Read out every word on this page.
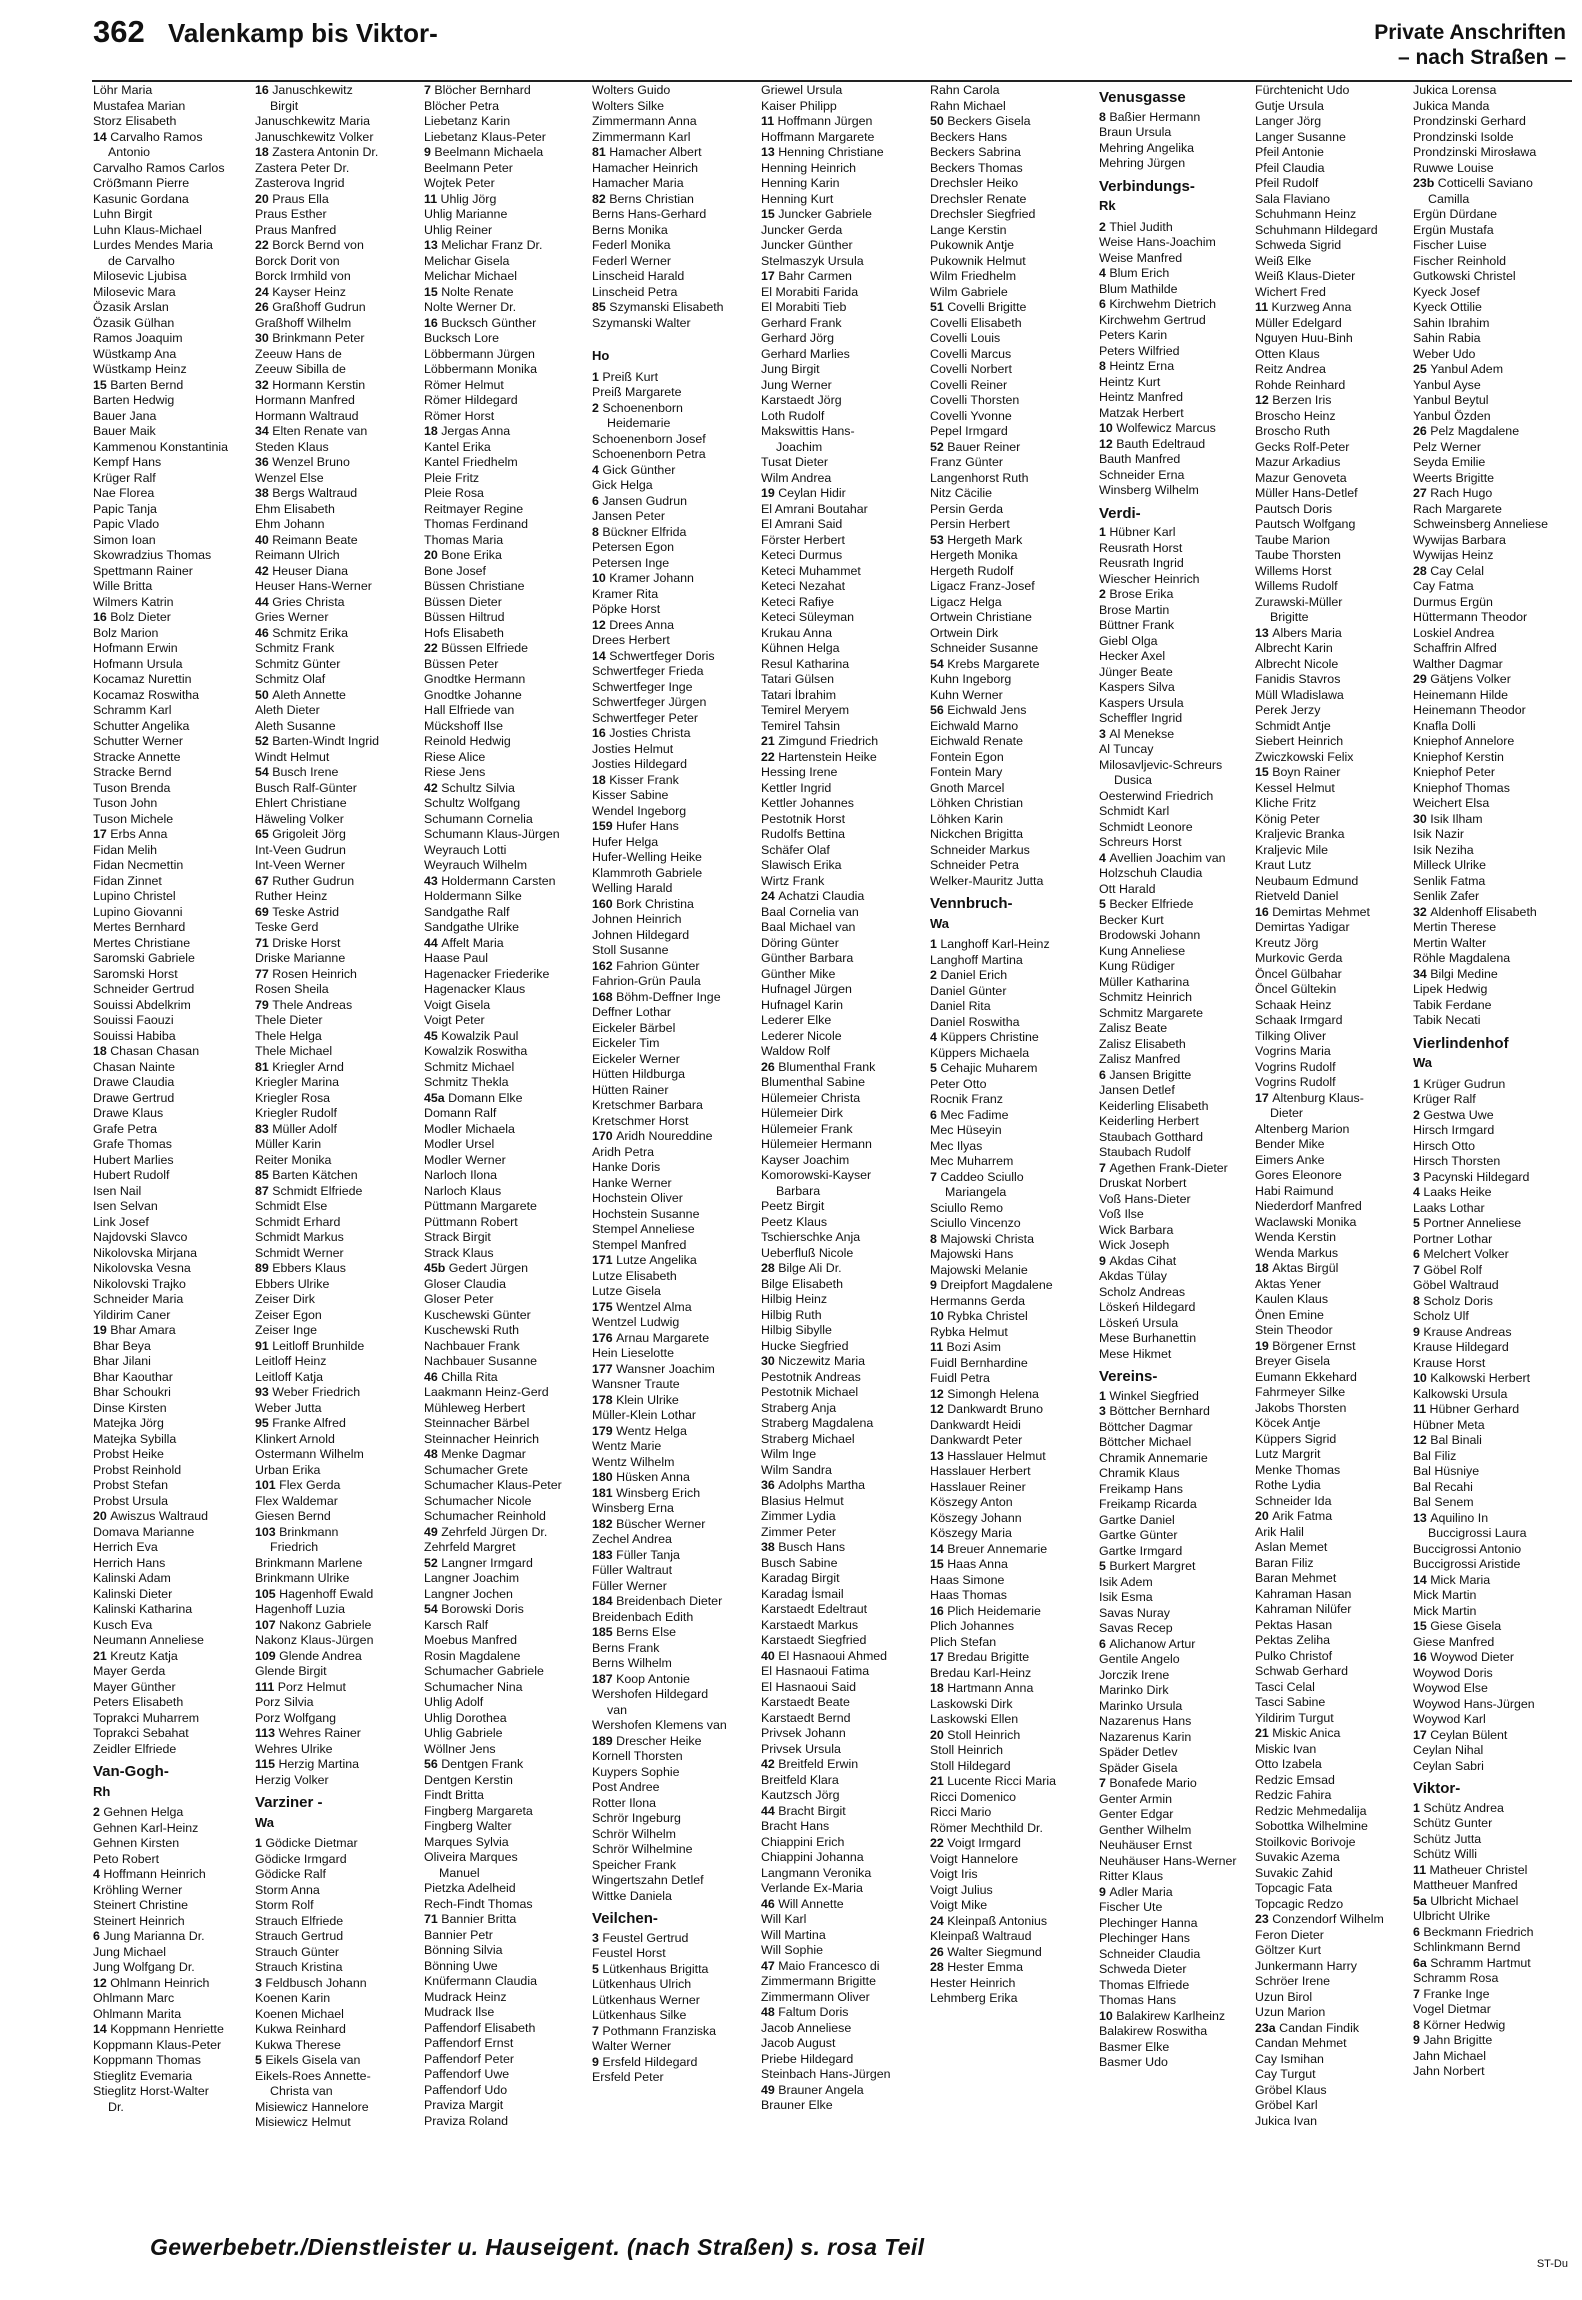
362 Valenkamp bis Viktor-	Private Anschriften
– nach Straßen –
Löhr Maria
Mustafea Marian
Storz Elisabeth
14 Carvalho Ramos
Antonio
Carvalho Ramos Carlos
Cröẞmann Pierre
Kasunic Gordana
Luhn Birgit
Luhn Klaus-Michael
Lurdes Mendes Maria
de Carvalho
Milosevic Ljubisa
Milosevic Mara
Özasik Arslan
Özasik Gülhan
Ramos Joaquim
Wüstkamp Ana
Wüstkamp Heinz
15 Barten Bernd
Barten Hedwig
Bauer Jana
Bauer Maik
Kammenou Konstantinia
Kempf Hans
Krüger Ralf
Nae Florea
Papic Tanja
Papic Vlado
Simon Ioan
Skowradzius Thomas
Spettmann Rainer
Wille Britta
Wilmers Katrin
16 Bolz Dieter
Bolz Marion
Hofmann Erwin
Hofmann Ursula
Kocamaz Nurettin
Kocamaz Roswitha
Schramm Karl
Schutter Angelika
Schutter Werner
Stracke Annette
Stracke Bernd
Tuson Brenda
Tuson John
Tuson Michele
17 Erbs Anna
Fidan Melih
Fidan Necmettin
Fidan Zinnet
Lupino Christel
Lupino Giovanni
Mertes Bernhard
Mertes Christiane
Saromski Gabriele
Saromski Horst
Schneider Gertrud
Souissi Abdelkrim
Souissi Faouzi
Souissi Habiba
18 Chasan Chasan
Chasan Nainte
Drawe Claudia
Drawe Gertrud
Drawe Klaus
Grafe Petra
Grafe Thomas
Hubert Marlies
Hubert Rudolf
Isen Nail
Isen Selvan
Link Josef
Najdovski Slavco
Nikolovska Mirjana
Nikolovska Vesna
Nikolovski Trajko
Schneider Maria
Yildirim Caner
19 Bhar Amara
Bhar Beya
Bhar Jilani
Bhar Kaouthar
Bhar Schoukri
Dinse Kirsten
Matejka Jörg
Matejka Sybilla
Probst Heike
Probst Reinhold
Probst Stefan
Probst Ursula
20 Awiszus Waltraud
Domava Marianne
Herrich Eva
Herrich Hans
Kalinski Adam
Kalinski Dieter
Kalinski Katharina
Kusch Eva
Neumann Anneliese
21 Kreutz Katja
Mayer Gerda
Mayer Günther
Peters Elisabeth
Toprakci Muharrem
Toprakci Sebahat
Zeidler Elfriede
Van-Gogh-
Rh
2 Gehnen Helga
Gehnen Karl-Heinz
Gehnen Kirsten
Peto Robert
4 Hoffmann Heinrich
Kröhling Werner
Steinert Christine
Steinert Heinrich
6 Jung Marianna Dr.
Jung Michael
Jung Wolfgang Dr.
12 Ohlmann Heinrich
Ohlmann Marc
Ohlmann Marita
14 Koppmann Henriette
Koppmann Klaus-Peter
Koppmann Thomas
Stieglitz Evemaria
Stieglitz Horst-Walter
Dr.
16 Januschkewitz
Birgit
Januschkewitz Maria
Januschkewitz Volker
18 Zastera Antonin Dr.
Zastera Peter Dr.
Zasterova Ingrid
20 Praus Ella
Praus Esther
Praus Manfred
22 Borck Bernd von
Borck Dorit von
Borck Irmhild von
24 Kayser Heinz
26 Graßhoff Gudrun
Graßhoff Wilhelm
30 Brinkmann Peter
Zeeuw Hans de
Zeeuw Sibilla de
32 Hormann Kerstin
Hormann Manfred
Hormann Waltraud
34 Elten Renate van
Steden Klaus
36 Wenzel Bruno
Wenzel Else
38 Bergs Waltraud
Ehm Elisabeth
Ehm Johann
40 Reimann Beate
Reimann Ulrich
42 Heuser Diana
Heuser Hans-Werner
44 Gries Christa
Gries Werner
46 Schmitz Erika
Schmitz Frank
Schmitz Günter
Schmitz Olaf
50 Aleth Annette
Aleth Dieter
Aleth Susanne
52 Barten-Windt Ingrid
Windt Helmut
54 Busch Irene
Busch Ralf-Günter
Ehlert Christiane
Häweling Volker
65 Grigoleit Jörg
Int-Veen Gudrun
Int-Veen Werner
67 Ruther Gudrun
Ruther Heinz
69 Teske Astrid
Teske Gerd
71 Driske Horst
Driske Marianne
77 Rosen Heinrich
Rosen Sheila
79 Thele Andreas
Thele Dieter
Thele Helga
Thele Michael
81 Kriegler Arnd
Kriegler Marina
Kriegler Rosa
Kriegler Rudolf
83 Müller Adolf
Müller Karin
Reiter Monika
85 Barten Kätchen
87 Schmidt Elfriede
Schmidt Else
Schmidt Erhard
Schmidt Markus
Schmidt Werner
89 Ebbers Klaus
Ebbers Ulrike
Zeiser Dirk
Zeiser Egon
Zeiser Inge
91 Leitloff Brunhilde
Leitloff Heinz
Leitloff Katja
93 Weber Friedrich
Weber Jutta
95 Franke Alfred
Klinkert Arnold
Ostermann Wilhelm
Urban Erika
101 Flex Gerda
Flex Waldemar
Giesen Bernd
103 Brinkmann
Friedrich
Brinkmann Marlene
Brinkmann Ulrike
105 Hagenhoff Ewald
Hagenhoff Luzia
107 Nakonz Gabriele
Nakonz Klaus-Jürgen
109 Glende Andrea
Glende Birgit
111 Porz Helmut
Porz Silvia
Porz Wolfgang
113 Wehres Rainer
Wehres Ulrike
115 Herzig Martina
Herzig Volker
Varziner -
Wa
1 Gödicke Dietmar
Gödicke Irmgard
Gödicke Ralf
Storm Anna
Storm Rolf
Strauch Elfriede
Strauch Gertrud
Strauch Günter
Strauch Kristina
3 Feldbusch Johann
Koenen Karin
Koenen Michael
Kukwa Reinhard
Kukwa Therese
5 Eikels Gisela van
Eikels-Roes Annette-
Christa van
Misiewicz Hannelore
Misiewicz Helmut
7 Blöcher Bernhard
Blöcher Petra
Liebetanz Karin
Liebetanz Klaus-Peter
9 Beelmann Michaela
Beelmann Peter
Wojtek Peter
11 Uhlig Jörg
Uhlig Marianne
Uhlig Reiner
13 Melichar Franz Dr.
Melichar Gisela
Melichar Michael
15 Nolte Renate
Nolte Werner Dr.
16 Bucksch Günther
Bucksch Lore
Löbbermann Jürgen
Löbbermann Monika
Römer Helmut
Römer Hildegard
Römer Horst
18 Jergas Anna
Kantel Erika
Kantel Friedhelm
Pleie Fritz
Pleie Rosa
Reitmayer Regine
Thomas Ferdinand
Thomas Maria
20 Bone Erika
Bone Josef
Büssen Christiane
Büssen Dieter
Büssen Hiltrud
Hofs Elisabeth
22 Büssen Elfriede
Büssen Peter
Gnodtke Hermann
Gnodtke Johanne
Hall Elfriede van
Mückshoff Ilse
Reinold Hedwig
Riese Alice
Riese Jens
42 Schultz Silvia
Schultz Wolfgang
Schumann Cornelia
Schumann Klaus-Jürgen
Weyrauch Lotti
Weyrauch Wilhelm
43 Holdermann Carsten
Holdermann Silke
Sandgathe Ralf
Sandgathe Ulrike
44 Affelt Maria
Haase Paul
Hagenacker Friederike
Hagenacker Klaus
Voigt Gisela
Voigt Peter
45 Kowalzik Paul
Kowalzik Roswitha
Schmitz Michael
Schmitz Thekla
45a Domann Elke
Domann Ralf
Modler Michaela
Modler Ursel
Modler Werner
Narloch Ilona
Narloch Klaus
Püttmann Margarete
Püttmann Robert
Strack Birgit
Strack Klaus
45b Gedert Jürgen
Gloser Claudia
Gloser Peter
Kuschewski Günter
Kuschewski Ruth
Nachbauer Frank
Nachbauer Susanne
46 Chilla Rita
Laakmann Heinz-Gerd
Mühleweg Herbert
Steinnacher Bärbel
Steinnacher Heinrich
48 Menke Dagmar
Schumacher Grete
Schumacher Klaus-Peter
Schumacher Nicole
Schumacher Reinhold
49 Zehrfeld Jürgen Dr.
Zehrfeld Margret
52 Langner Irmgard
Langner Joachim
Langner Jochen
54 Borowski Doris
Karsch Ralf
Moebus Manfred
Rosin Magdalene
Schumacher Gabriele
Schumacher Nina
Uhlig Adolf
Uhlig Dorothea
Uhlig Gabriele
Wöllner Jens
56 Dentgen Frank
Dentgen Kerstin
Findt Britta
Fingberg Margareta
Fingberg Walter
Marques Sylvia
Oliveira Marques
Manuel
Pietzka Adelheid
Rech-Findt Thomas
71 Bannier Britta
Bannier Petr
Bönning Silvia
Bönning Uwe
Knüfermann Claudia
Mudrack Heinz
Mudrack Ilse
Paffendorf Elisabeth
Paffendorf Ernst
Paffendorf Peter
Paffendorf Uwe
Paffendorf Udo
Praviza Margit
Praviza Roland
Wolters Guido
Wolters Silke
Zimmermann Anna
Zimmermann Karl
81 Hamacher Albert
Hamacher Heinrich
Hamacher Maria
82 Berns Christian
Berns Hans-Gerhard
Berns Monika
Federl Monika
Federl Werner
Linscheid Harald
Linscheid Petra
85 Szymanski Elisabeth
Szymanski Walter
Ho
1 Preiß Kurt
Preiß Margarete
2 Schoenenborn
Heidemarie
Schoenenborn Josef
Schoenenborn Petra
4 Gick Günther
Gick Helga
6 Jansen Gudrun
Jansen Peter
8 Bückner Elfrida
Petersen Egon
Petersen Inge
10 Kramer Johann
Kramer Rita
Pöpke Horst
12 Drees Anna
Drees Herbert
14 Schwertfeger Doris
Schwertfeger Frieda
Schwertfeger Inge
Schwertfeger Jürgen
Schwertfeger Peter
16 Josties Christa
Josties Helmut
Josties Hildegard
18 Kisser Frank
Kisser Sabine
Wendel Ingeborg
159 Hufer Hans
Hufer Helga
Hufer-Welling Heike
Klammroth Gabriele
Welling Harald
160 Bork Christina
Johnen Heinrich
Johnen Hildegard
Stoll Susanne
162 Fahrion Günter
Fahrion-Grün Paula
168 Böhm-Deffner Inge
Deffner Lothar
Eickeler Bärbel
Eickeler Tim
Eickeler Werner
Hütten Hildburga
Hütten Rainer
Kretschmer Barbara
Kretschmer Horst
170 Aridh Noureddine
Aridh Petra
Hanke Doris
Hanke Werner
Hochstein Oliver
Hochstein Susanne
Stempel Anneliese
Stempel Manfred
171 Lutze Angelika
Lutze Elisabeth
Lutze Gisela
175 Wentzel Alma
Wentzel Ludwig
176 Arnau Margarete
Hein Lieselotte
177 Wansner Joachim
Wansner Traute
178 Klein Ulrike
Müller-Klein Lothar
179 Wentz Helga
Wentz Marie
Wentz Wilhelm
180 Hüsken Anna
181 Winsberg Erich
Winsberg Erna
182 Büscher Werner
Zechel Andrea
183 Füller Tanja
Füller Waltraut
Füller Werner
184 Breidenbach Dieter
Breidenbach Edith
185 Berns Else
Berns Frank
Berns Wilhelm
187 Koop Antonie
Wershofen Hildegard
van
Wershofen Klemens van
189 Drescher Heike
Kornell Thorsten
Kuypers Sophie
Post Andree
Rotter Ilona
Schrör Ingeburg
Schrör Wilhelm
Schrör Wilhelmine
Speicher Frank
Wingertszahn Detlef
Wittke Daniela
Veilchen-
3 Feustel Gertrud
Feustel Horst
5 Lütkenhaus Brigitta
Lütkenhaus Ulrich
Lütkenhaus Werner
Lütkenhaus Silke
7 Pothmann Franziska
Walter Werner
9 Ersfeld Hildegard
Ersfeld Peter
Griewel Ursula
Kaiser Philipp
11 Hoffmann Jürgen
Hoffmann Margarete
13 Henning Christiane
Henning Heinrich
Henning Karin
Henning Kurt
15 Juncker Gabriele
Juncker Gerda
Juncker Günther
Stelmaszyk Ursula
17 Bahr Carmen
El Morabiti Farida
El Morabiti Tieb
Gerhard Frank
Gerhard Jörg
Gerhard Marlies
Jung Birgit
Jung Werner
Karstaedt Jörg
Loth Rudolf
Makswittis Hans-
Joachim
Tusat Dieter
Wilm Andrea
19 Ceylan Hidir
El Amrani Boutahar
El Amrani Said
Förster Herbert
Keteci Durmus
Keteci Muhammet
Keteci Nezahat
Keteci Rafiye
Keteci Süleyman
Krukau Anna
Kühnen Helga
Resul Katharina
Tatari Gülsen
Tatari İbrahim
Temirel Meryem
Temirel Tahsin
21 Zimgund Friedrich
22 Hartenstein Heike
Hessing Irene
Kettler Ingrid
Kettler Johannes
Pestotnik Horst
Rudolfs Bettina
Schäfer Olaf
Slawisch Erika
Wirtz Frank
24 Achatzi Claudia
Baal Cornelia van
Baal Michael van
Döring Günter
Günther Barbara
Günther Mike
Hufnagel Jürgen
Hufnagel Karin
Lederer Elke
Lederer Nicole
Waldow Rolf
26 Blumenthal Frank
Blumenthal Sabine
Hülemeier Christa
Hülemeier Dirk
Hülemeier Frank
Hülemeier Hermann
Kayser Joachim
Komorowski-Kayser
Barbara
Peetz Birgit
Peetz Klaus
Tschierschke Anja
Ueberfluß Nicole
28 Bilge Ali Dr.
Bilge Elisabeth
Hilbig Heinz
Hilbig Ruth
Hilbig Sibylle
Hucke Siegfried
30 Niczewitz Maria
Pestotnik Andreas
Pestotnik Michael
Straberg Anja
Straberg Magdalena
Straberg Michael
Wilm Inge
Wilm Sandra
36 Adolphs Martha
Blasius Helmut
Zimmer Lydia
Zimmer Peter
38 Busch Hans
Busch Sabine
Karadag Birgit
Karadag İsmail
Karstaedt Edeltraut
Karstaedt Markus
Karstaedt Siegfried
40 El Hasnaoui Ahmed
El Hasnaoui Fatima
El Hasnaoui Said
Karstaedt Beate
Karstaedt Bernd
Privsek Johann
Privsek Ursula
42 Breitfeld Erwin
Breitfeld Klara
Kautzsch Jörg
44 Bracht Birgit
Bracht Hans
Chiappini Erich
Chiappini Johanna
Langmann Veronika
Verlande Ex-Maria
46 Will Annette
Will Karl
Will Martina
Will Sophie
47 Maio Francesco di
Zimmermann Brigitte
Zimmermann Oliver
48 Faltum Doris
Jacob Anneliese
Jacob August
Priebe Hildegard
Steinbach Hans-Jürgen
49 Brauner Angela
Brauner Elke
Rahn Carola
Rahn Michael
50 Beckers Gisela
Beckers Hans
Beckers Sabrina
Beckers Thomas
Drechsler Heiko
Drechsler Renate
Drechsler Siegfried
Lange Kerstin
Pukownik Antje
Pukownik Helmut
Wilm Friedhelm
Wilm Gabriele
51 Covelli Brigitte
Covelli Elisabeth
Covelli Louis
Covelli Marcus
Covelli Norbert
Covelli Reiner
Covelli Thorsten
Covelli Yvonne
Pepel Irmgard
52 Bauer Reiner
Franz Günter
Langenhorst Ruth
Nitz Cäcilie
Persin Gerda
Persin Herbert
53 Hergeth Mark
Hergeth Monika
Hergeth Rudolf
Ligacz Franz-Josef
Ligacz Helga
Ortwein Christiane
Ortwein Dirk
Schneider Susanne
54 Krebs Margarete
Kuhn Ingeborg
Kuhn Werner
56 Eichwald Jens
Eichwald Marno
Eichwald Renate
Fontein Egon
Fontein Mary
Gnoth Marcel
Löhken Christian
Löhken Karin
Nickchen Brigitta
Schneider Markus
Schneider Petra
Welker-Mauritz Jutta
Vennbruch-
Wa
1 Langhoff Karl-Heinz
Langhoff Martina
2 Daniel Erich
Daniel Günter
Daniel Rita
Daniel Roswitha
4 Küppers Christine
Küppers Michaela
5 Cehajic Muharem
Peter Otto
Rocnik Franz
6 Mec Fadime
Mec Hüseyin
Mec Ilyas
Mec Muharrem
7 Caddeo Sciullo
Mariangela
Sciullo Remo
Sciullo Vincenzo
8 Majowski Christa
Majowski Hans
Majowski Melanie
9 Dreipfort Magdalene
Hermanns Gerda
10 Rybka Christel
Rybka Helmut
11 Bozi Asim
Fuidl Bernhardine
Fuidl Petra
12 Simongh Helena
12 Dankwardt Bruno
Dankwardt Heidi
Dankwardt Peter
13 Hasslauer Helmut
Hasslauer Herbert
Hasslauer Reiner
Köszegy Anton
Köszegy Johann
Köszegy Maria
14 Breuer Annemarie
15 Haas Anna
Haas Simone
Haas Thomas
16 Plich Heidemarie
Plich Johannes
Plich Stefan
17 Bredau Brigitte
Bredau Karl-Heinz
18 Hartmann Anna
Laskowski Dirk
Laskowski Ellen
20 Stoll Heinrich
Stoll Heinrich
Stoll Hildegard
21 Lucente Ricci Maria
Ricci Domenico
Ricci Mario
Römer Mechthild Dr.
22 Voigt Irmgard
Voigt Hannelore
Voigt Iris
Voigt Julius
Voigt Mike
24 Kleinpaß Antonius
Kleinpaß Waltraud
26 Walter Siegmund
28 Hester Emma
Hester Heinrich
Lehmberg Erika
Venusgasse
8 Baßier Hermann
Braun Ursula
Mehring Angelika
Mehring Jürgen
Verbindungs-
Rk
2 Thiel Judith
Weise Hans-Joachim
Weise Manfred
4 Blum Erich
Blum Mathilde
6 Kirchwehm Dietrich
Kirchwehm Gertrud
Peters Karin
Peters Wilfried
8 Heintz Erna
Heintz Kurt
Heintz Manfred
Matzak Herbert
10 Wolfewicz Marcus
12 Bauth Edeltraud
Bauth Manfred
Schneider Erna
Winsberg Wilhelm
Verdi-
1 Hübner Karl
Reusrath Horst
Reusrath Ingrid
Wiescher Heinrich
2 Brose Erika
Brose Martin
Büttner Frank
Giebl Olga
Hecker Axel
Jünger Beate
Kaspers Silva
Kaspers Ursula
Scheffler Ingrid
3 Al Menekse
Al Tuncay
Milosavljevic-Schreurs
Dusica
Oesterwind Friedrich
Schmidt Karl
Schmidt Leonore
Schreurs Horst
4 Avellien Joachim van
Holzschuh Claudia
Ott Harald
5 Becker Elfriede
Becker Kurt
Brodowski Johann
Kung Anneliese
Kung Rüdiger
Müller Katharina
Schmitz Heinrich
Schmitz Margarete
Zalisz Beate
Zalisz Elisabeth
Zalisz Manfred
6 Jansen Brigitte
Jansen Detlef
Keiderling Elisabeth
Keiderling Herbert
Staubach Gotthard
Staubach Rudolf
7 Agethen Frank-Dieter
Druskat Norbert
Voß Hans-Dieter
Voß Ilse
Wick Barbara
Wick Joseph
9 Akdas Cihat
Akdas Tülay
Scholz Andreas
Löskeń Hildegard
Löskeń Ursula
Mese Burhanettin
Mese Hikmet
Vereins-
1 Winkel Siegfried
3 Böttcher Bernhard
Böttcher Dagmar
Böttcher Michael
Chramik Annemarie
Chramik Klaus
Freikamp Hans
Freikamp Ricarda
Gartke Daniel
Gartke Günter
Gartke Irmgard
5 Burkert Margret
Isik Adem
Isik Esma
Savas Nuray
Savas Recep
6 Alichanow Artur
Gentile Angelo
Jorczik Irene
Marinko Dirk
Marinko Ursula
Nazarenus Hans
Nazarenus Karin
Späder Detlev
Späder Gisela
7 Bonafede Mario
Genter Armin
Genter Edgar
Genther Wilhelm
Neuhäuser Ernst
Neuhäuser Hans-Werner
Ritter Klaus
9 Adler Maria
Fischer Ute
Plechinger Hanna
Plechinger Hans
Schneider Claudia
Schweda Dieter
Thomas Elfriede
Thomas Hans
10 Balakirew Karlheinz
Balakirew Roswitha
Basmer Elke
Basmer Udo
Fürchtenicht Udo
Gutje Ursula
Langer Jörg
Langer Susanne
Pfeil Antonie
Pfeil Claudia
Pfeil Rudolf
Sala Flaviano
Schuhmann Heinz
Schuhmann Hildegard
Schweda Sigrid
Weiß Elke
Weiß Klaus-Dieter
Wichert Fred
11 Kurzweg Anna
Müller Edelgard
Nguyen Huu-Binh
Otten Klaus
Reitz Andrea
Rohde Reinhard
12 Berzen Iris
Broscho Heinz
Broscho Ruth
Gecks Rolf-Peter
Mazur Arkadius
Mazur Genoveta
Müller Hans-Detlef
Pautsch Doris
Pautsch Wolfgang
Taube Marion
Taube Thorsten
Willems Horst
Willems Rudolf
Zurawski-Müller
Brigitte
13 Albers Maria
Albrecht Karin
Albrecht Nicole
Fanidis Stavros
Müll Wladislawa
Perek Jerzy
Schmidt Antje
Siebert Heinrich
Zwiczkowski Felix
15 Boyn Rainer
Kessel Helmut
Kliche Fritz
König Peter
Kraljevic Branka
Kraljevic Mile
Kraut Lutz
Neubaum Edmund
Rietveld Daniel
16 Demirtas Mehmet
Demirtas Yadigar
Kreutz Jörg
Murkovic Gerda
Öncel Gülbahar
Öncel Gültekin
Schaak Heinz
Schaak Irmgard
Tilking Oliver
Vogrins Maria
Vogrins Rudolf
Vogrins Rudolf
17 Altenburg Klaus-
Dieter
Altenberg Marion
Bender Mike
Eimers Anke
Gores Eleonore
Habi Raimund
Niederdorf Manfred
Waclawski Monika
Wenda Kerstin
Wenda Markus
18 Aktas Birgül
Aktas Yener
Kaulen Klaus
Önen Emine
Stein Theodor
19 Börgener Ernst
Breyer Gisela
Eumann Ekkehard
Fahrmeyer Silke
Jakobs Thorsten
Köcek Antje
Küppers Sigrid
Lutz Margrit
Menke Thomas
Rothe Lydia
Schneider Ida
20 Arik Fatma
Arik Halil
Aslan Memet
Baran Filiz
Baran Mehmet
Kahraman Hasan
Kahraman Nilüfer
Pektas Hasan
Pektas Zeliha
Pulko Christof
Schwab Gerhard
Tasci Celal
Tasci Sabine
Yildirim Turgut
21 Miskic Anica
Miskic Ivan
Otto Izabela
Redzic Emsad
Redzic Fahira
Redzic Mehmedalija
Sobottka Wilhelmine
Stoilkovic Borivoje
Suvakic Azema
Suvakic Zahid
Topcagic Fata
Topcagic Redzo
23 Conzendorf Wilhelm
Feron Dieter
Göltzer Kurt
Junkermann Harry
Schröer Irene
Uzun Birol
Uzun Marion
23a Candan Findik
Candan Mehmet
Cay Ismihan
Cay Turgut
Gröbel Klaus
Gröbel Karl
Jukica Ivan
Jukica Lorensa
Jukica Manda
Prondzinski Gerhard
Prondzinski Isolde
Prondzinski Mirosława
Ruwwe Louise
23b Cotticelli Saviano
Camilla
Ergün Dürdane
Ergün Mustafa
Fischer Luise
Fischer Reinhold
Gutkowski Christel
Kyeck Josef
Kyeck Ottilie
Sahin Ibrahim
Sahin Rabia
Weber Udo
25 Yanbul Adem
Yanbul Ayse
Yanbul Beytul
Yanbul Özden
26 Pelz Magdalene
Pelz Werner
Seyda Emilie
Weerts Brigitte
27 Rach Hugo
Rach Margarete
Schweinsberg Anneliese
Wywijas Barbara
Wywijas Heinz
28 Cay Celal
Cay Fatma
Durmus Ergün
Hüttermann Theodor
Loskiel Andrea
Schaffrin Alfred
Walther Dagmar
29 Gätjens Volker
Heinemann Hilde
Heinemann Theodor
Knafla Dolli
Kniephof Annelore
Kniephof Kerstin
Kniephof Peter
Kniephof Thomas
Weichert Elsa
30 Isik Ilham
Isik Nazir
Isik Neziha
Milleck Ulrike
Senlik Fatma
Senlik Zafer
32 Aldenhoff Elisabeth
Mertin Therese
Mertin Walter
Röhle Magdalena
34 Bilgi Medine
Lipek Hedwig
Tabik Ferdane
Tabik Necati
Vierlindenhof
Wa
1 Krüger Gudrun
Krüger Ralf
2 Gestwa Uwe
Hirsch Irmgard
Hirsch Otto
Hirsch Thorsten
3 Pacynski Hildegard
4 Laaks Heike
Laaks Lothar
5 Portner Anneliese
Portner Lothar
6 Melchert Volker
7 Göbel Rolf
Göbel Waltraud
8 Scholz Doris
Scholz Ulf
9 Krause Andreas
Krause Hildegard
Krause Horst
10 Kalkowski Herbert
Kalkowski Ursula
11 Hübner Gerhard
Hübner Meta
12 Bal Binali
Bal Filiz
Bal Hüsniye
Bal Recahi
Bal Senem
13 Aquilino In
Buccigrossi Laura
Buccigrossi Antonio
Buccigrossi Aristide
14 Mick Maria
Mick Martin
Mick Martin
15 Giese Gisela
Giese Manfred
16 Woywod Dieter
Woywod Doris
Woywod Else
Woywod Hans-Jürgen
Woywod Karl
17 Ceylan Bülent
Ceylan Nihal
Ceylan Sabri
Viktor-
1 Schütz Andrea
Schütz Gunter
Schütz Jutta
Schütz Willi
11 Matheuer Christel
Mattheuer Manfred
5a Ulbricht Michael
Ulbricht Ulrike
6 Beckmann Friedrich
Schlinkmann Bernd
6a Schramm Hartmut
Schramm Rosa
7 Franke Inge
Vogel Dietmar
8 Körner Hedwig
9 Jahn Brigitte
Jahn Michael
Jahn Norbert
Gewerbebetr./Dienstleister u. Hauseigent. (nach Straßen) s. rosa Teil
ST-Du
